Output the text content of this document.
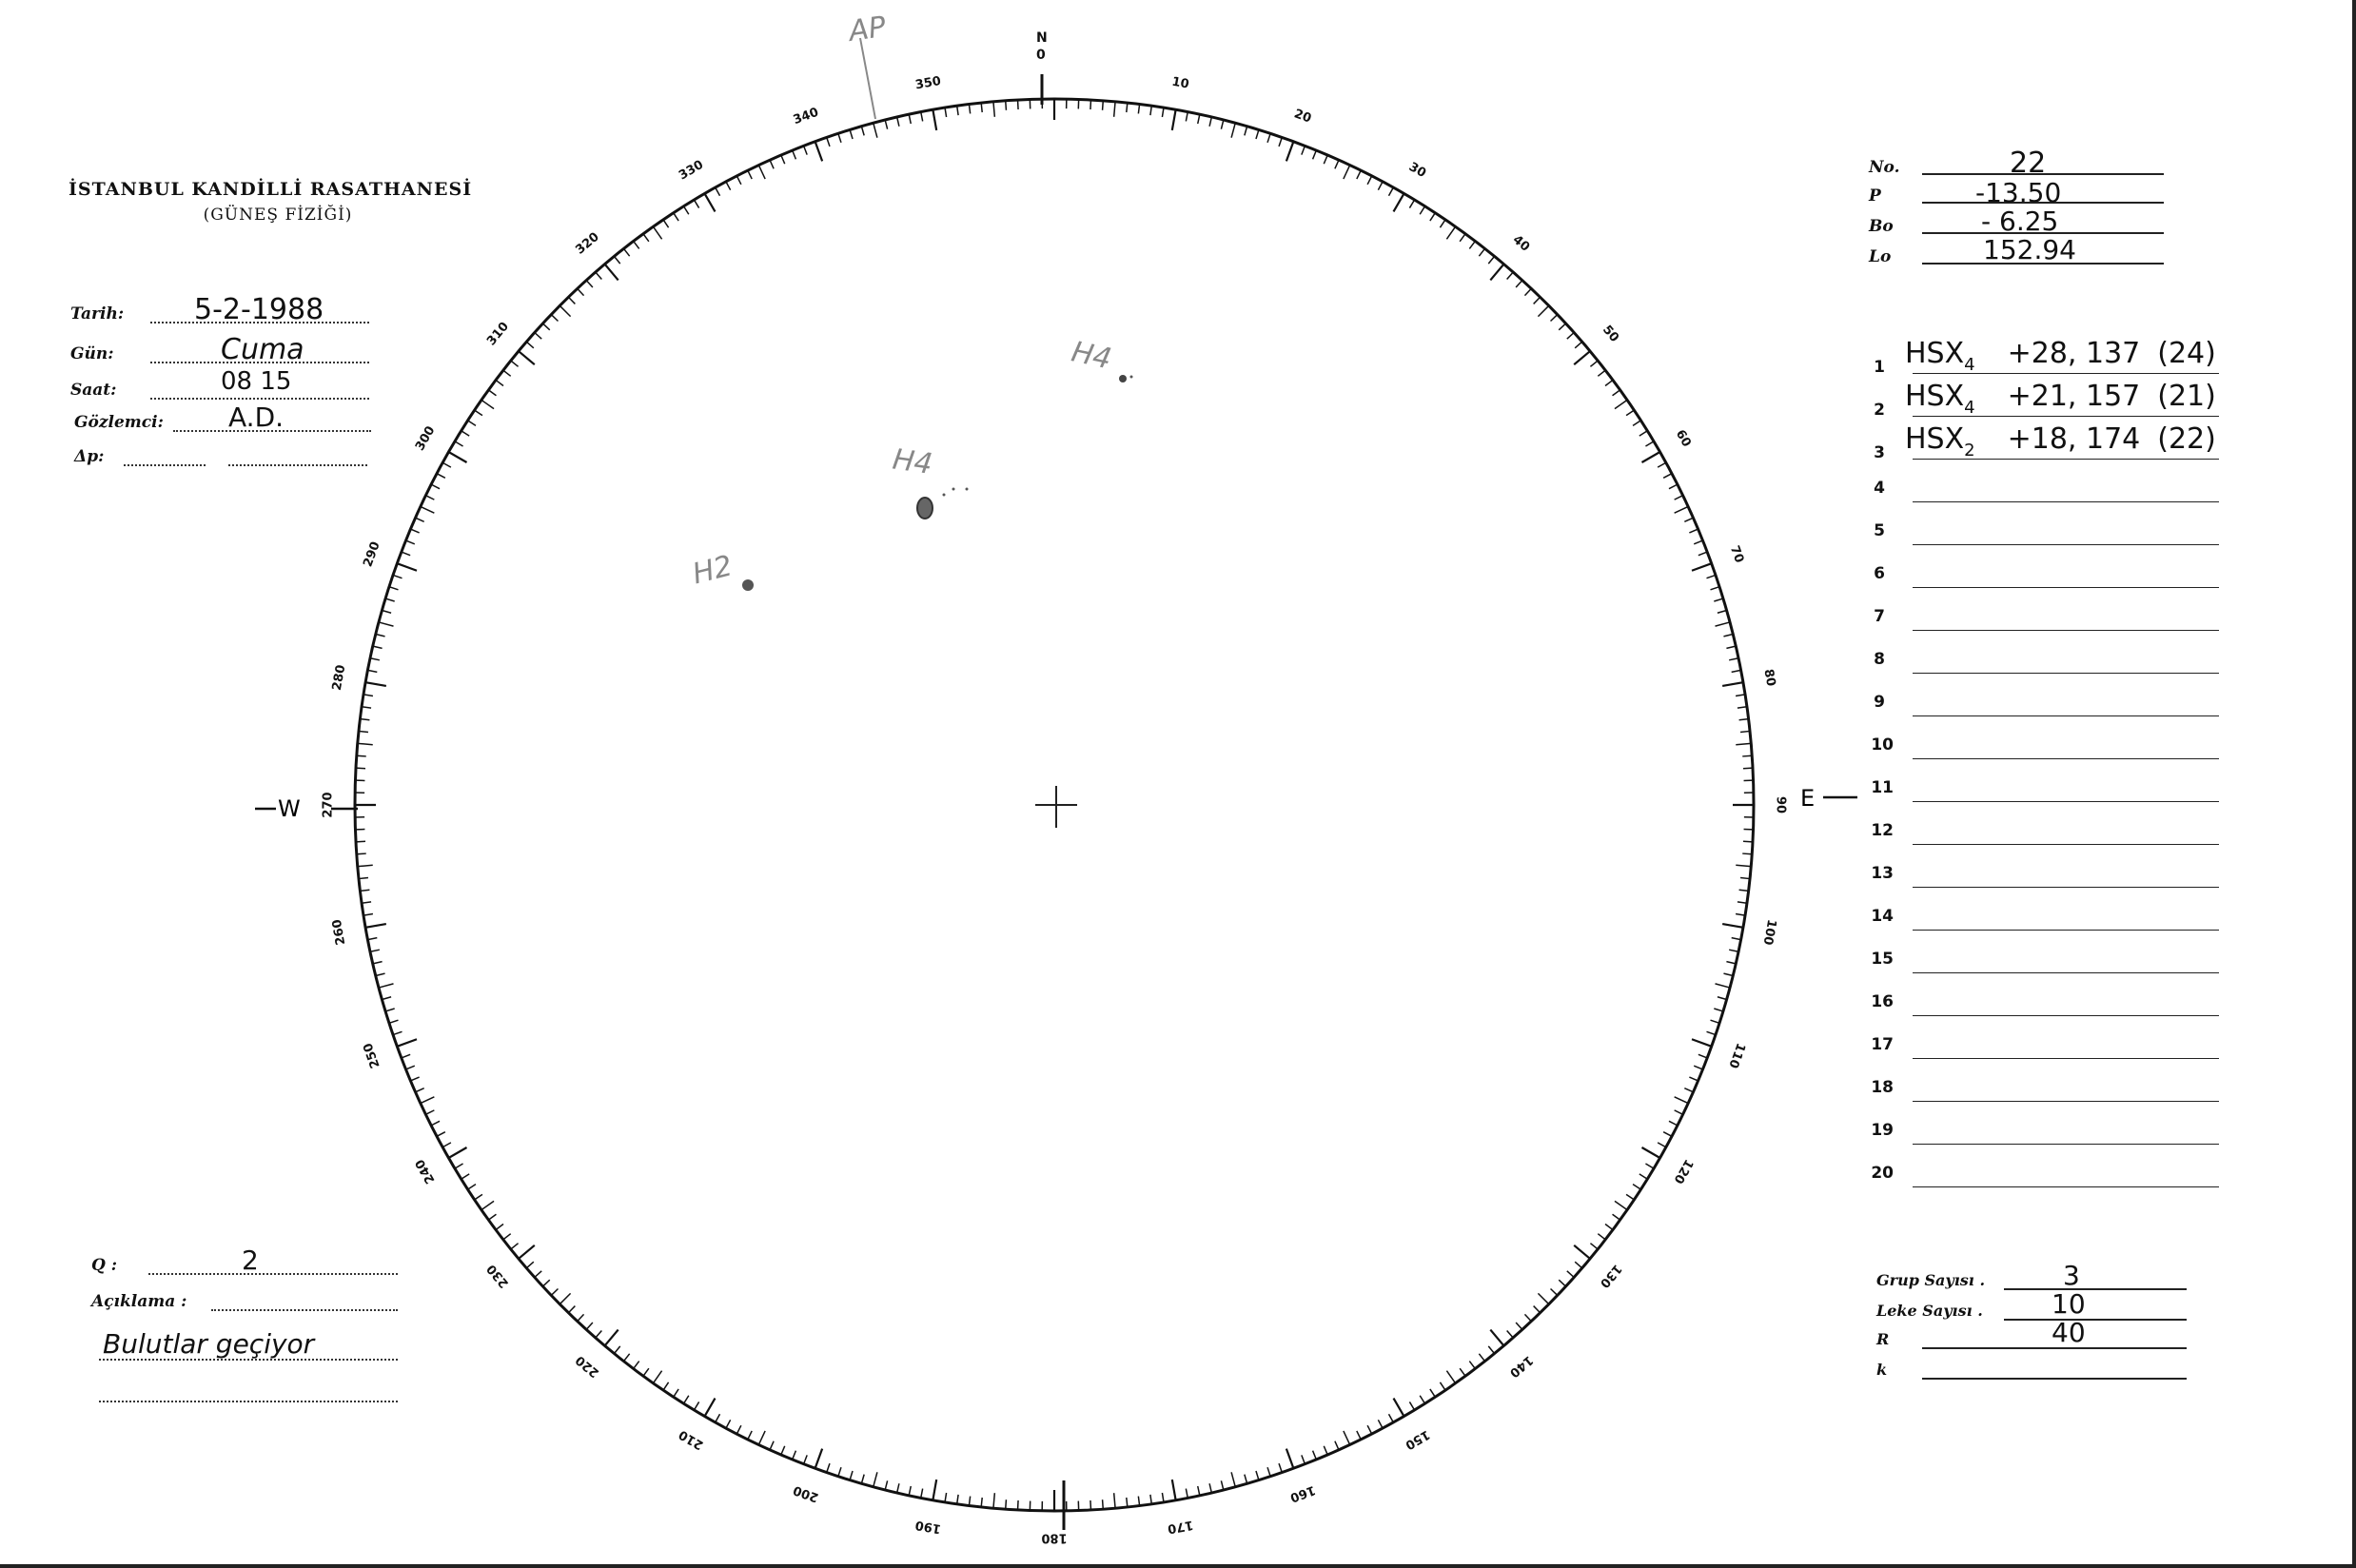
10
20
30
40
50
60
70
80
90
100
110
120
130
140
150
160
170
180
190
200
210
220
230
240
250
260
270
280
290
300
310
320
330
340
350
N
0
W	E
AP
H4
H4
H2
İSTANBUL KANDİLLİ RASATHANESİ
(GÜNEŞ FİZİĞİ)
Tarih: 5-2-1988
Gün:	Cuma
Saat:	08 15
Gözlemci: A.D.
Δp:
No.	22
P	-13.50
Bo	- 6.25
Lo	152.94
1 $HSX_4 +28$, 137 (24)
2 $HSX_4 +21$, 157 (21)
3 $HSX_2 +18$, 174 (22)
4
5
6
7
8
9
10
11
12
13
14
15
16
17
18
19
20
Grup Sayısı .	3
Leke Sayısı .	10
R	40
k
Q :	2
Açıklama :
Bulutlar geçiyor
